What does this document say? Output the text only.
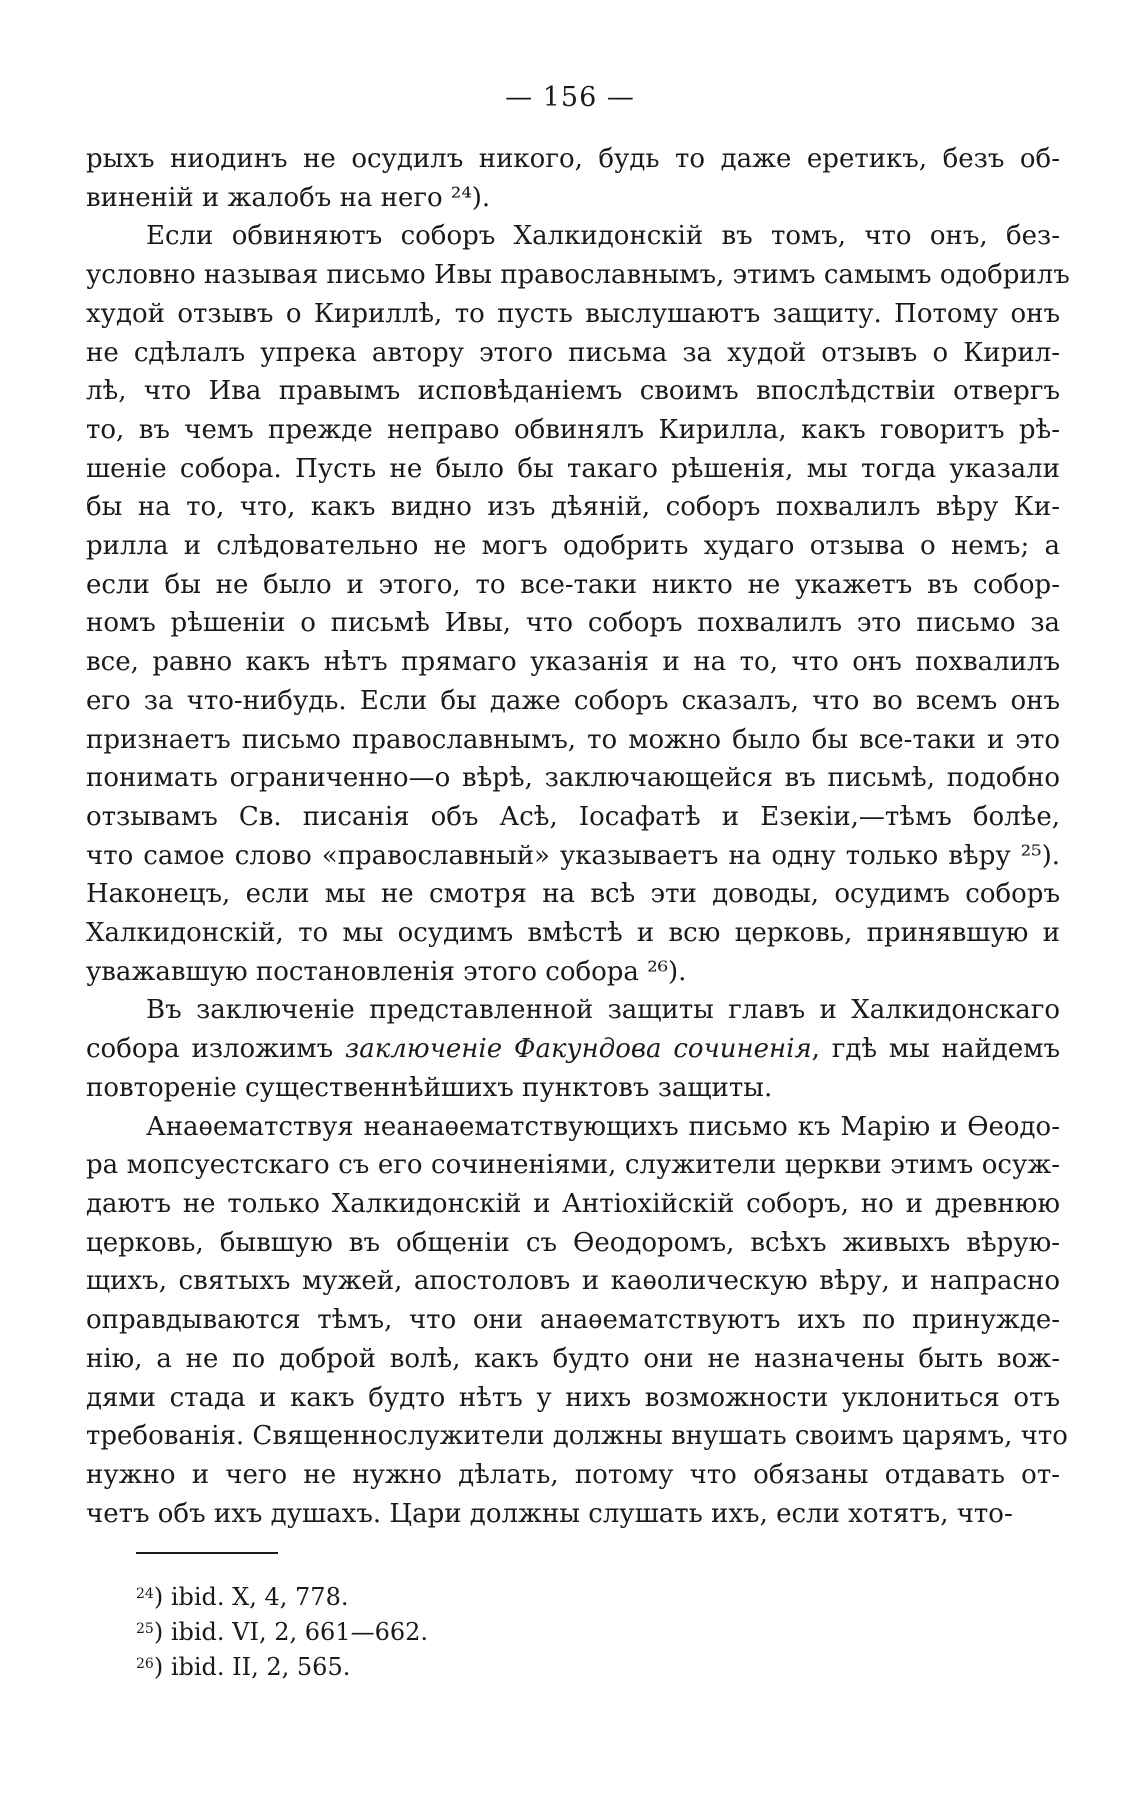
— 156 —
рыхъ ниодинъ не осудилъ никого, будь то даже еретикъ, безъ об-
виненій и жалобъ на него ²⁴).
Если обвиняютъ соборъ Халкидонскій въ томъ, что онъ, без-
условно называя письмо Ивы православнымъ, этимъ самымъ одобрилъ
худой отзывъ о Кириллѣ, то пусть выслушаютъ защиту. Потому онъ
не сдѣлалъ упрека автору этого письма за худой отзывъ о Кирил-
лѣ, что Ива правымъ исповѣданіемъ своимъ впослѣдствіи отвергъ
то, въ чемъ прежде неправо обвинялъ Кирилла, какъ говоритъ рѣ-
шеніе собора. Пусть не было бы такаго рѣшенія, мы тогда указали
бы на то, что, какъ видно изъ дѣяній, соборъ похвалилъ вѣру Ки-
рилла и слѣдовательно не могъ одобрить худаго отзыва о немъ; а
если бы не было и этого, то все-таки никто не укажетъ въ собор-
номъ рѣшеніи о письмѣ Ивы, что соборъ похвалилъ это письмо за
все, равно какъ нѣтъ прямаго указанія и на то, что онъ похвалилъ
его за что-нибудь. Если бы даже соборъ сказалъ, что во всемъ онъ
признаетъ письмо православнымъ, то можно было бы все-таки и это
понимать ограниченно—о вѣрѣ, заключающейся въ письмѣ, подобно
отзывамъ Св. писанія объ Асѣ, Іосафатѣ и Езекіи,—тѣмъ болѣе,
что самое слово «православный» указываетъ на одну только вѣру ²⁵).
Наконецъ, если мы не смотря на всѣ эти доводы, осудимъ соборъ
Халкидонскій, то мы осудимъ вмѣстѣ и всю церковь, принявшую и
уважавшую постановленія этого собора ²⁶).
Въ заключеніе представленной защиты главъ и Халкидонскаго
собора изложимъ заключеніе Факундова сочиненія, гдѣ мы найдемъ
повтореніе существеннѣйшихъ пунктовъ защиты.
Анаѳематствуя неанаѳематствующихъ письмо къ Марію и Ѳеодо-
ра мопсуестскаго съ его сочиненіями, служители церкви этимъ осуж-
даютъ не только Халкидонскій и Антіохійскій соборъ, но и древнюю
церковь, бывшую въ общеніи съ Ѳеодоромъ, всѣхъ живыхъ вѣрую-
щихъ, святыхъ мужей, апостоловъ и каѳолическую вѣру, и напрасно
оправдываются тѣмъ, что они анаѳематствуютъ ихъ по принужде-
нію, а не по доброй волѣ, какъ будто они не назначены быть вож-
дями стада и какъ будто нѣтъ у нихъ возможности уклониться отъ
требованія. Священнослужители должны внушать своимъ царямъ, что
нужно и чего не нужно дѣлать, потому что обязаны отдавать от-
четъ объ ихъ душахъ. Цари должны слушать ихъ, если хотятъ, что-
$^{24}$) ibid. X, 4, 778.
$^{25}$) ibid. VI, 2, 661—662.
$^{26}$) ibid. II, 2, 565.
